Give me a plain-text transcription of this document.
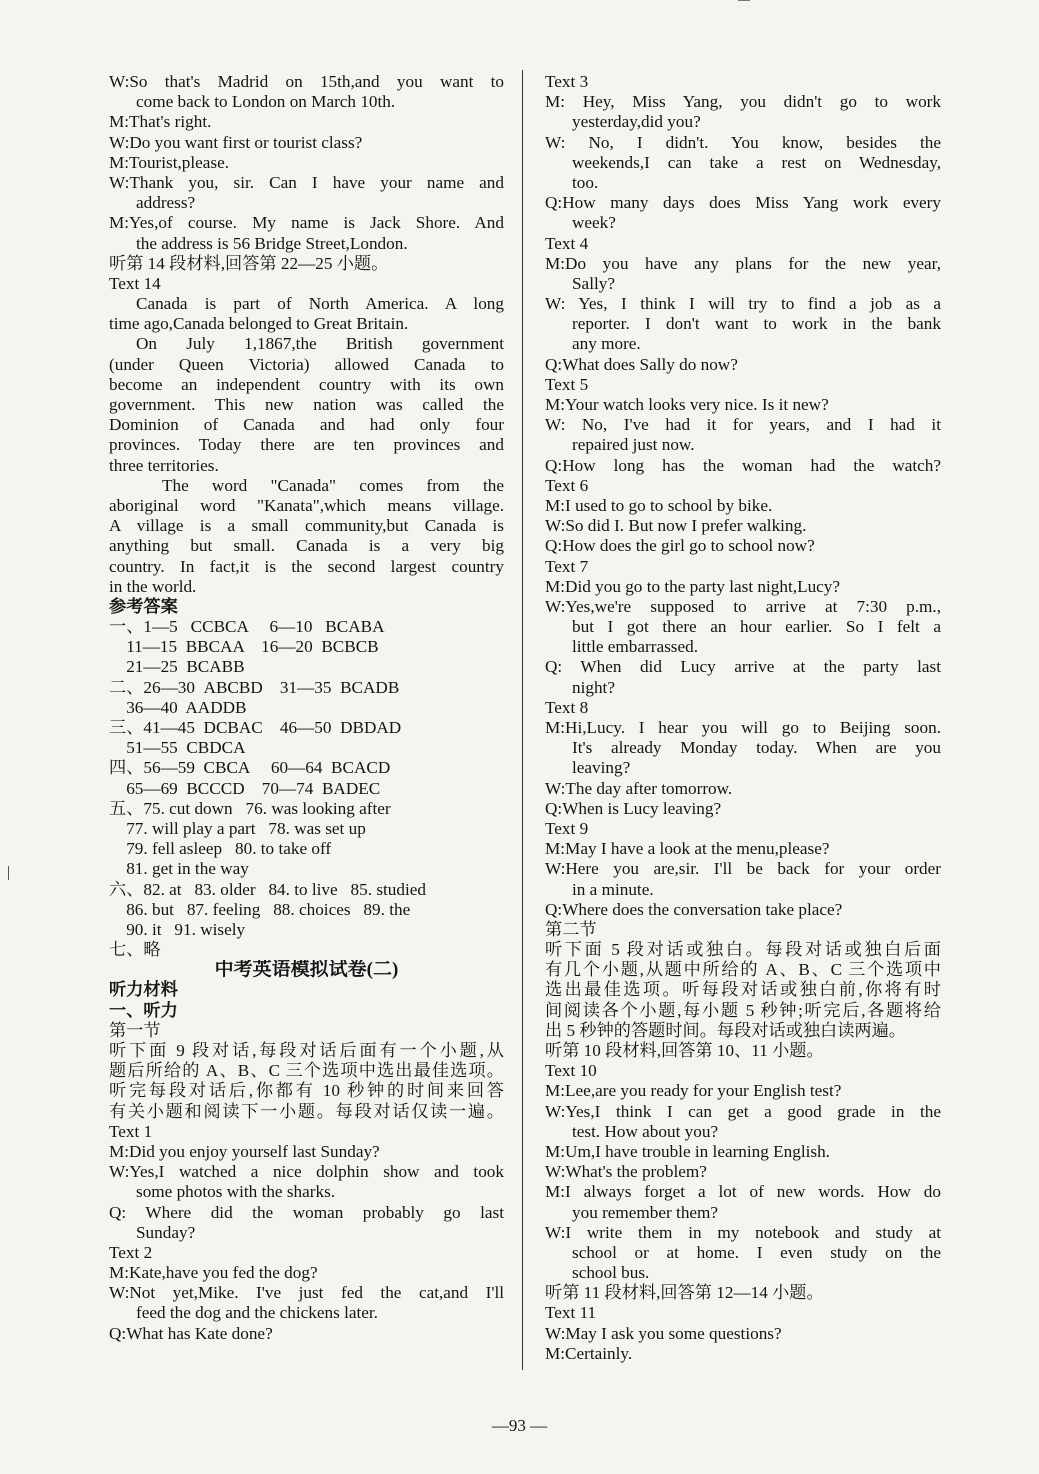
W:So that's Madrid on 15th,and you want to
come back to London on March 10th.
M:That's right.
W:Do you want first or tourist class?
M:Tourist,please.
W:Thank you, sir. Can I have your name and
address?
M:Yes,of course. My name is Jack Shore. And
the address is 56 Bridge Street,London.
听第 14 段材料,回答第 22—25 小题。
Text 14
Canada is part of North America. A long
time ago,Canada belonged to Great Britain.
On July 1,1867,the British government
(under Queen Victoria) allowed Canada to
become an independent country with its own
government. This new nation was called the
Dominion of Canada and had only four
provinces. Today there are ten provinces and
three territories.
The word "Canada" comes from the
aboriginal word "Kanata",which means village.
A village is a small community,but Canada is
anything but small. Canada is a very big
country. In fact,it is the second largest country
in the world.
参考答案
一、1—5   CCBCA     6—10   BCABA
11—15  BBCAA    16—20  BCBCB
21—25  BCABB
二、26—30  ABCBD    31—35  BCADB
36—40  AADDB
三、41—45  DCBAC    46—50  DBDAD
51—55  CBDCA
四、56—59  CBCA     60—64  BCACD
65—69  BCCCD    70—74  BADEC
五、75. cut down   76. was looking after
77. will play a part   78. was set up
79. fell asleep   80. to take off
81. get in the way
六、82. at   83. older   84. to live   85. studied
86. but   87. feeling   88. choices   89. the
90. it   91. wisely
七、略
中考英语模拟试卷(二)
听力材料
一、听力
第一节
听下面 9 段对话,每段对话后面有一个小题,从
题后所给的 A、B、C 三个选项中选出最佳选项。
听完每段对话后,你都有 10 秒钟的时间来回答
有关小题和阅读下一小题。每段对话仅读一遍。
Text 1
M:Did you enjoy yourself last Sunday?
W:Yes,I watched a nice dolphin show and took
some photos with the sharks.
Q: Where did the woman probably go last
Sunday?
Text 2
M:Kate,have you fed the dog?
W:Not yet,Mike. I've just fed the cat,and I'll
feed the dog and the chickens later.
Q:What has Kate done?
Text 3
M: Hey, Miss Yang, you didn't go to work
yesterday,did you?
W: No, I didn't. You know, besides the
weekends,I can take a rest on Wednesday,
too.
Q:How many days does Miss Yang work every
week?
Text 4
M:Do you have any plans for the new year,
Sally?
W: Yes, I think I will try to find a job as a
reporter. I don't want to work in the bank
any more.
Q:What does Sally do now?
Text 5
M:Your watch looks very nice. Is it new?
W: No, I've had it for years, and I had it
repaired just now.
Q:How long has the woman had the watch?
Text 6
M:I used to go to school by bike.
W:So did I. But now I prefer walking.
Q:How does the girl go to school now?
Text 7
M:Did you go to the party last night,Lucy?
W:Yes,we're supposed to arrive at 7:30 p.m.,
but I got there an hour earlier. So I felt a
little embarrassed.
Q: When did Lucy arrive at the party last
night?
Text 8
M:Hi,Lucy. I hear you will go to Beijing soon.
It's already Monday today. When are you
leaving?
W:The day after tomorrow.
Q:When is Lucy leaving?
Text 9
M:May I have a look at the menu,please?
W:Here you are,sir. I'll be back for your order
in a minute.
Q:Where does the conversation take place?
第二节
听下面 5 段对话或独白。每段对话或独白后面
有几个小题,从题中所给的 A、B、C 三个选项中
选出最佳选项。听每段对话或独白前,你将有时
间阅读各个小题,每小题 5 秒钟;听完后,各题将给
出 5 秒钟的答题时间。每段对话或独白读两遍。
听第 10 段材料,回答第 10、11 小题。
Text 10
M:Lee,are you ready for your English test?
W:Yes,I think I can get a good grade in the
test. How about you?
M:Um,I have trouble in learning English.
W:What's the problem?
M:I always forget a lot of new words. How do
you remember them?
W:I write them in my notebook and study at
school or at home. I even study on the
school bus.
听第 11 段材料,回答第 12—14 小题。
Text 11
W:May I ask you some questions?
M:Certainly.
—93 —
